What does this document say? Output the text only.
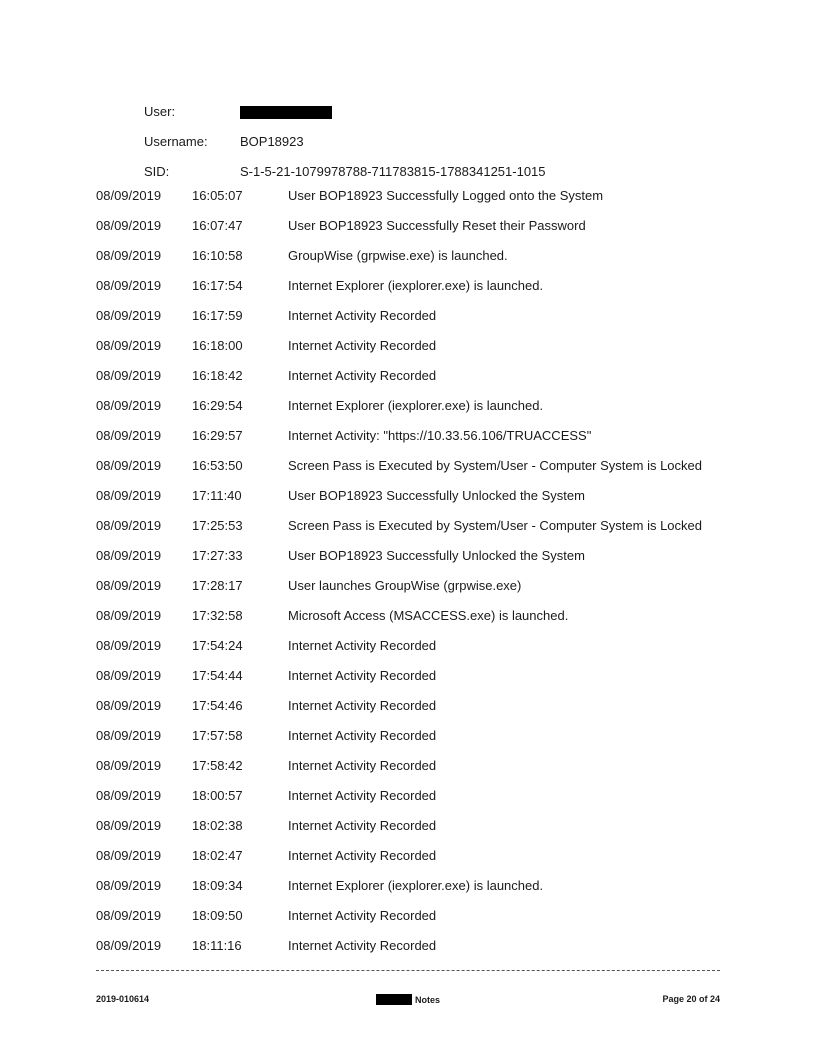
User:
Username:	BOP18923
SID:	S-1-5-21-1079978788-711783815-1788341251-1015
08/09/2019	16:05:07	User BOP18923 Successfully Logged onto the System
08/09/2019	16:07:47	User BOP18923 Successfully Reset their Password
08/09/2019	16:10:58	GroupWise (grpwise.exe) is launched.
08/09/2019	16:17:54	Internet Explorer (iexplorer.exe) is launched.
08/09/2019	16:17:59	Internet Activity Recorded
08/09/2019	16:18:00	Internet Activity Recorded
08/09/2019	16:18:42	Internet Activity Recorded
08/09/2019	16:29:54	Internet Explorer (iexplorer.exe) is launched.
08/09/2019	16:29:57	Internet Activity: "https://10.33.56.106/TRUACCESS"
08/09/2019	16:53:50	Screen Pass is Executed by System/User - Computer System is Locked
08/09/2019	17:11:40	User BOP18923 Successfully Unlocked the System
08/09/2019	17:25:53	Screen Pass is Executed by System/User - Computer System is Locked
08/09/2019	17:27:33	User BOP18923 Successfully Unlocked the System
08/09/2019	17:28:17	User launches GroupWise (grpwise.exe)
08/09/2019	17:32:58	Microsoft Access (MSACCESS.exe) is launched.
08/09/2019	17:54:24	Internet Activity Recorded
08/09/2019	17:54:44	Internet Activity Recorded
08/09/2019	17:54:46	Internet Activity Recorded
08/09/2019	17:57:58	Internet Activity Recorded
08/09/2019	17:58:42	Internet Activity Recorded
08/09/2019	18:00:57	Internet Activity Recorded
08/09/2019	18:02:38	Internet Activity Recorded
08/09/2019	18:02:47	Internet Activity Recorded
08/09/2019	18:09:34	Internet Explorer (iexplorer.exe) is launched.
08/09/2019	18:09:50	Internet Activity Recorded
08/09/2019	18:11:16	Internet Activity Recorded
2019-010614	Notes	Page 20 of 24
